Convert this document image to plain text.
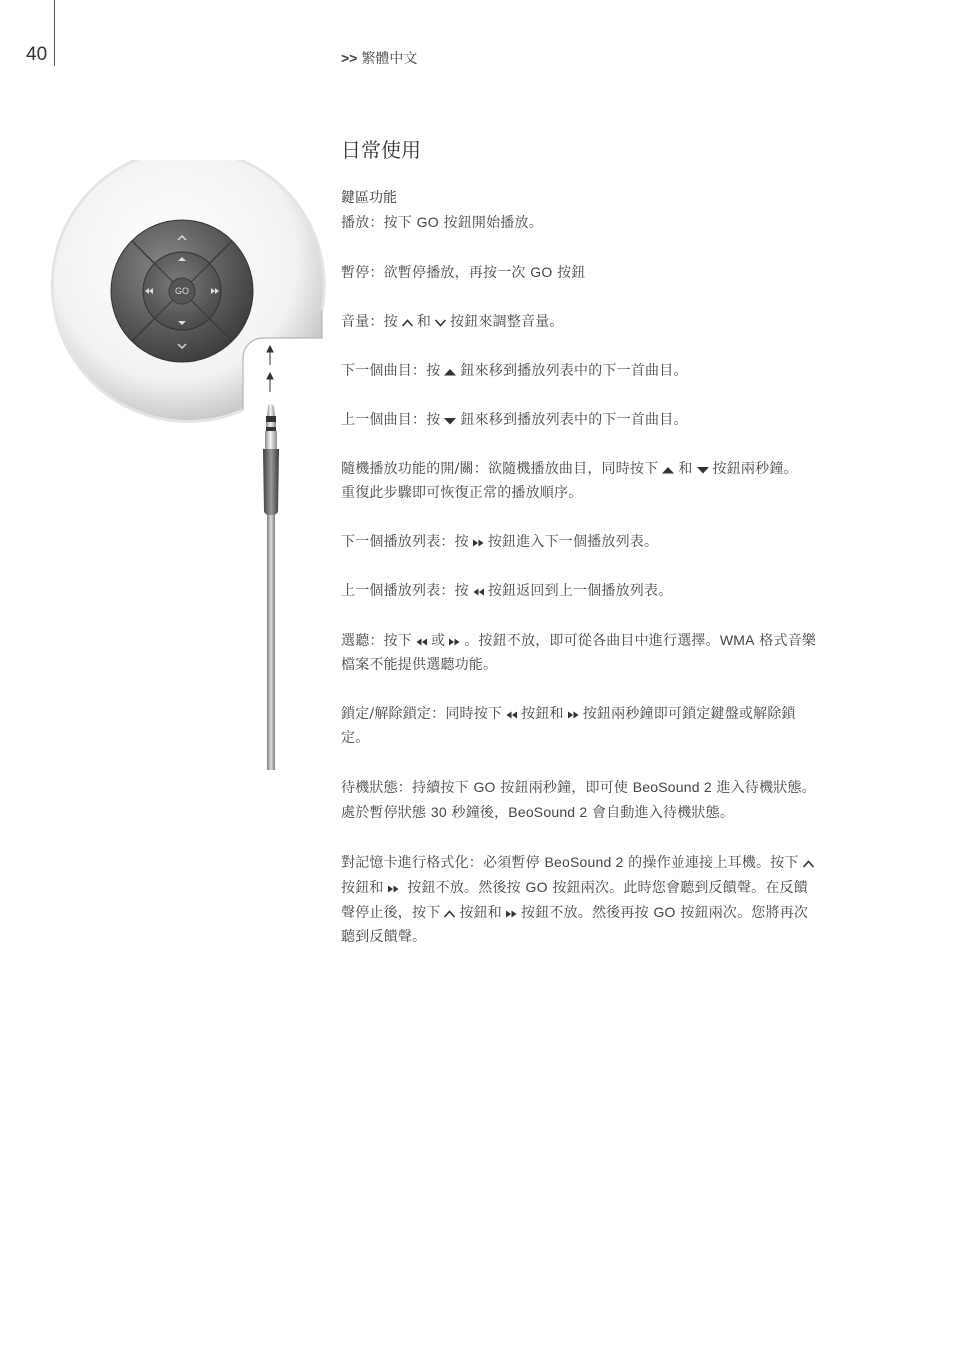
40	>> 繁體中文
日常使用
GO
鍵區功能

播放：按下 GO 按鈕開始播放。

暫停：欲暫停播放，再按一次 GO 按鈕

音量：按 和 按鈕來調整音量。

下一個曲目：按 鈕來移到播放列表中的下一首曲目。

上一個曲目：按 鈕來移到播放列表中的下一首曲目。

隨機播放功能的開/關：欲隨機播放曲目，同時按下 和 按鈕兩秒鐘。
重復此步驟即可恢復正常的播放順序。

下一個播放列表：按 按鈕進入下一個播放列表。

上一個播放列表：按 按鈕返回到上一個播放列表。

選聽：按下 或 。按鈕不放，即可從各曲目中進行選擇。WMA 格式音樂
檔案不能提供選聽功能。

鎖定/解除鎖定：同時按下 按鈕和 按鈕兩秒鐘即可鎖定鍵盤或解除鎖
定。

待機狀態：持續按下 GO 按鈕兩秒鐘，即可使 BeoSound 2 進入待機狀態。
處於暫停狀態 30 秒鐘後，BeoSound 2 會自動進入待機狀態。

對記憶卡進行格式化：必須暫停 BeoSound 2 的操作並連接上耳機。按下

按鈕和
按鈕不放。然後按 GO 按鈕兩次。此時您會聽到反饋聲。在反饋
聲停止後，按下 按鈕和 按鈕不放。然後再按 GO 按鈕兩次。您將再次
聽到反饋聲。
